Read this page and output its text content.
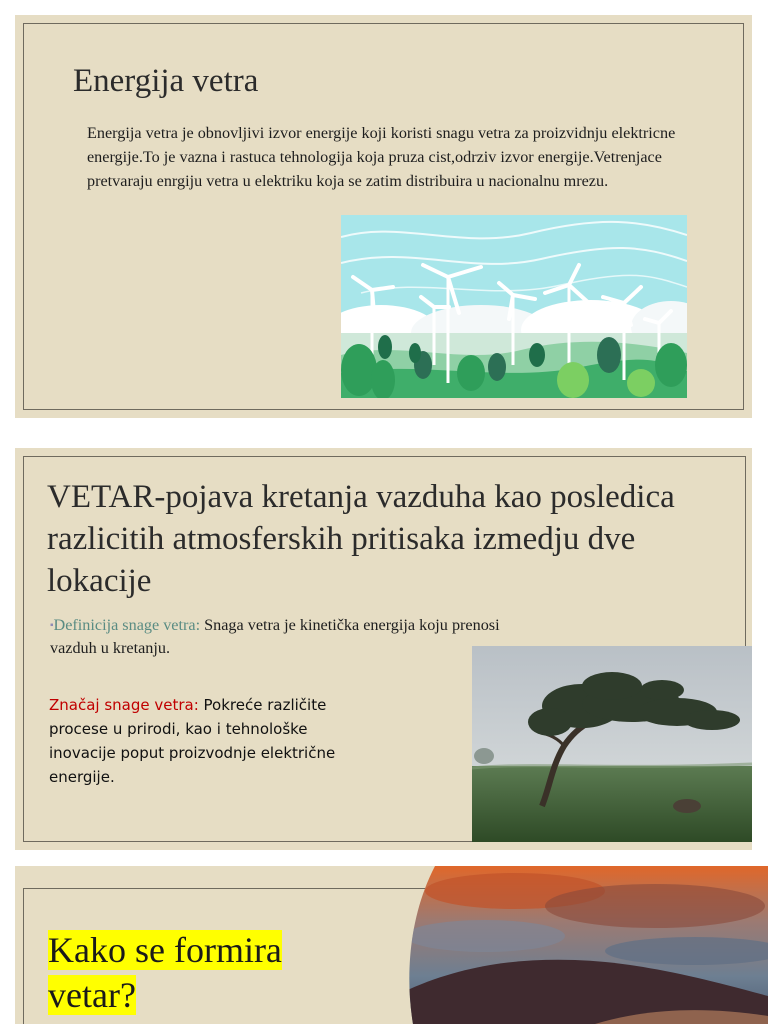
Energija vetra
Energija vetra je obnovljivi izvor energije koji koristi snagu vetra za proizvidnju elektricne energije.To je vazna i rastuca tehnologija koja pruza cist,odrziv izvor energije.Vetrenjace pretvaraju enrgiju vetra u elektriku koja se zatim distribuira u nacionalnu mrezu.
VETAR-pojava kretanja vazduha kao posledica razlicitih atmosferskih pritisaka izmedju dve lokacije
▪Definicija snage vetra: Snaga vetra je kinetička energija koju prenosi vazduh u kretanju.
Značaj snage vetra: Pokreće različite procese u prirodi, kao i tehnološke inovacije poput proizvodnje električne energije.
Kako se formira
vetar?
